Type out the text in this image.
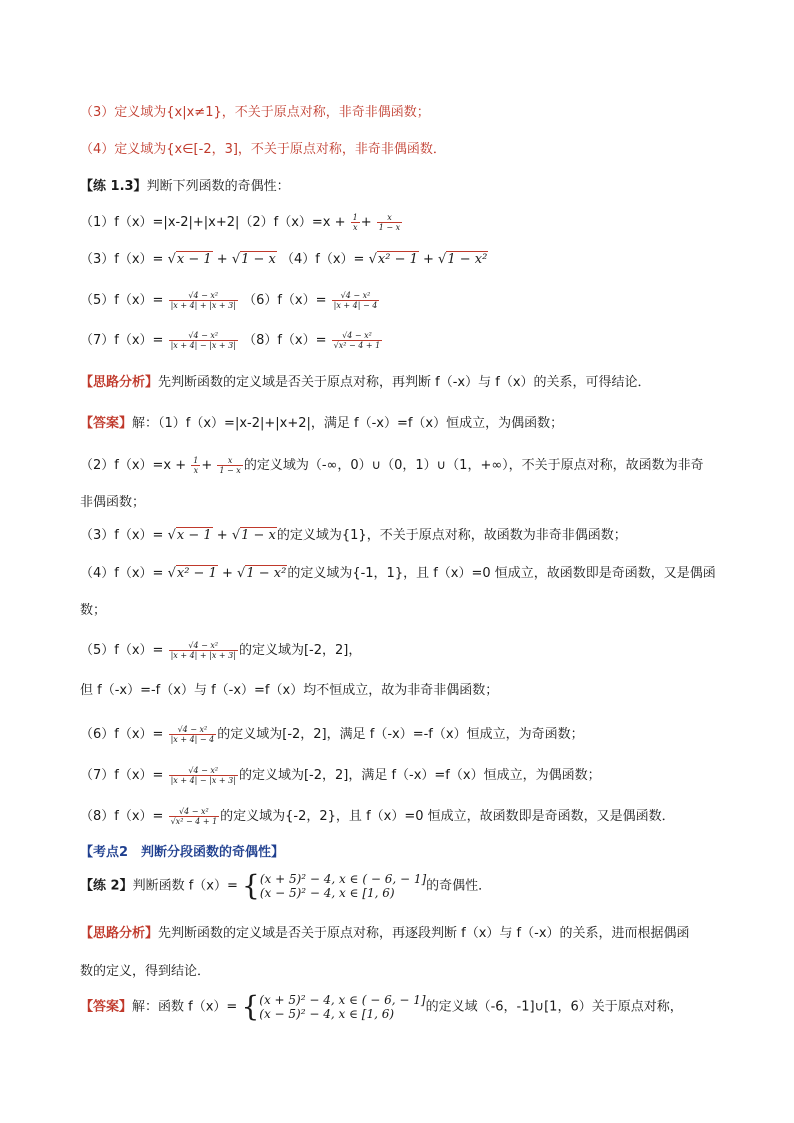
（3）定义域为{x|x≠1}，不关于原点对称，非奇非偶函数；
（4）定义域为{x∈[-2，3]，不关于原点对称，非奇非偶函数．
【练 1.3】判断下列函数的奇偶性：
$(1)f(x)=|x-2|+|x+2|(2)f(x)=x + \frac{1}{x} + \frac{x}{1 - x}$
（3）f（x）= √x − 1 + √1 − x （4）f（x）= √x² − 1 + √1 − x²
$(5)f(x)= \frac{\text{√4 − x²}}{|x + 4| + |x + 3|} (6)f(x)= \frac{\text{√4 − x²}}{|x + 4| - 4}$
$(7)f(x)= \frac{\text{√4 − x²}}{|x + 4| - |x + 3|} (8)f(x)= \frac{\text{√4 − x²}}{\text{√x² − 4 + 1}}$
【思路分析】先判断函数的定义域是否关于原点对称，再判断 f（-x）与 f（x）的关系，可得结论．
【答案】解：（1）f（x）=|x-2|+|x+2|，满足 f（-x）=f（x）恒成立，为偶函数；
$(2)f(x)=x + \frac{1}{x} + \frac{x}{1 - x}$ 的定义域为（-∞，0）∪（0，1）∪（1，+∞），不关于原点对称，故函数为非奇
非偶函数；
（3）f（x）= √x − 1 + √1 − x的定义域为{1}，不关于原点对称，故函数为非奇非偶函数；
（4）f（x）= √x² − 1 + √1 − x²的定义域为{-1，1}，且 f（x）=0 恒成立，故函数即是奇函数，又是偶函
数；
$(5)f(x)= \frac{\text{√4 − x²}}{|x + 4| + |x + 3|}$ 的定义域为[-2，2]，
但 f（-x）=-f（x）与 f（-x）=f（x）均不恒成立，故为非奇非偶函数；
$(6)f(x)= \frac{\text{√4 − x²}}{|x + 4| - 4}$ 的定义域为[-2，2]，满足 f（-x）=-f（x）恒成立，为奇函数；
$(7)f(x)= \frac{\text{√4 − x²}}{|x + 4| - |x + 3|}$ 的定义域为[-2，2]，满足 f（-x）=f（x）恒成立，为偶函数；
$(8)f(x)= \frac{\text{√4 − x²}}{\text{√x² − 4 + 1}}$ 的定义域为{-2，2}，且 f（x）=0 恒成立，故函数即是奇函数，又是偶函数．
【考点2　判断分段函数的奇偶性】
【练 2】判断函数 f（x）= { (x + 5)² − 4, x ∈ ( − 6, − 1]
(x − 5)² − 4, x ∈ [1, 6)	的奇偶性．
【思路分析】先判断函数的定义域是否关于原点对称，再逐段判断 f（x）与 f（-x）的关系，进而根据偶函
数的定义，得到结论．
【答案】解：函数 f（x）= { (x + 5)² − 4, x ∈ ( − 6, − 1]
(x − 5)² − 4, x ∈ [1, 6)	的定义域（-6，-1]∪[1，6）关于原点对称，
